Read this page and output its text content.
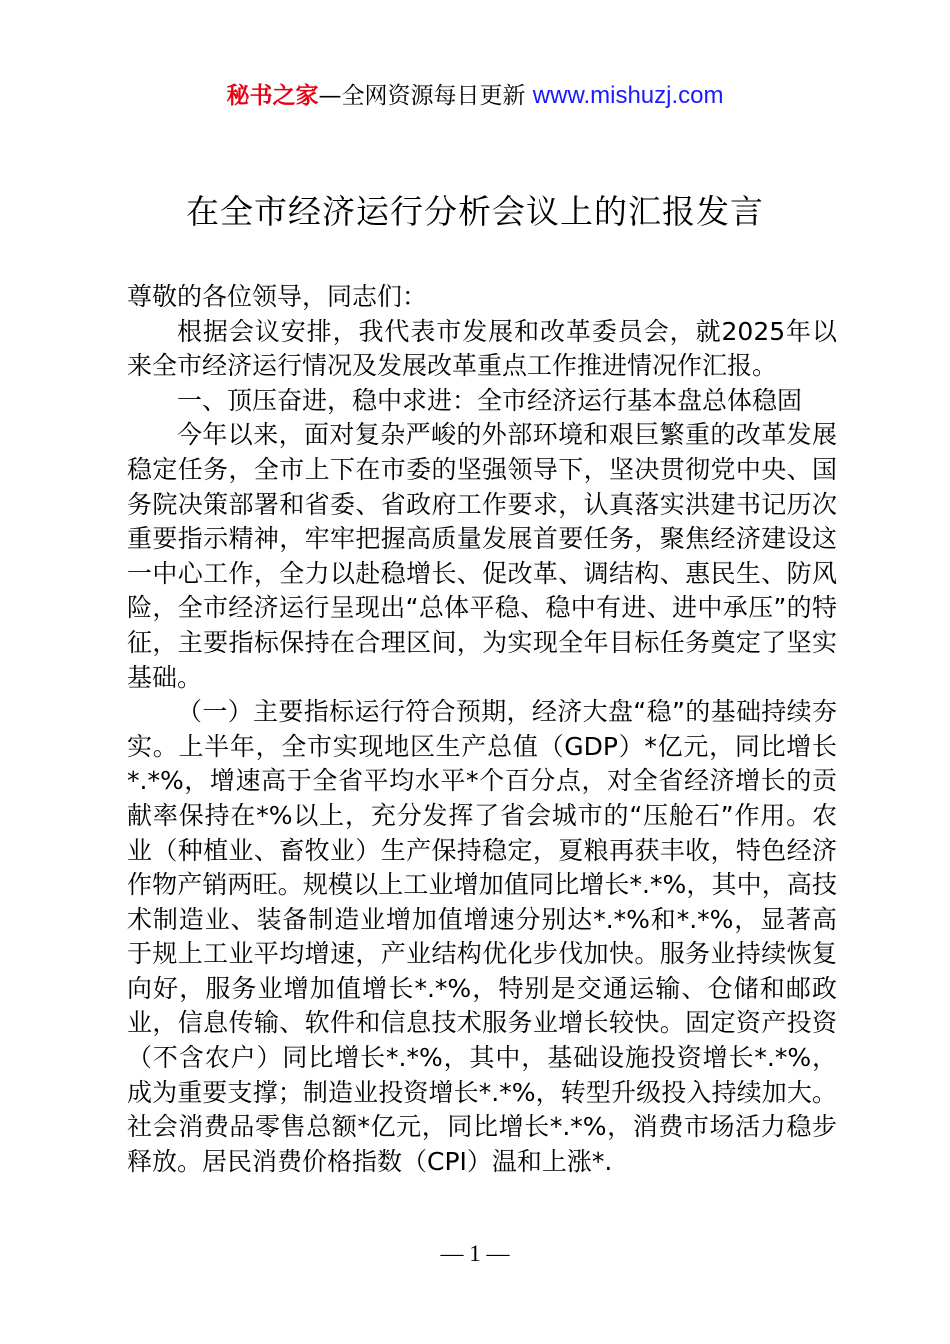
秘书之家—全网资源每日更新 www.mishuzj.com
在全市经济运行分析会议上的汇报发言

尊敬的各位领导，同志们：

根据会议安排，我代表市发展和改革委员会，就2025年以来全市经济运行情况及发展改革重点工作推进情况作汇报。

一、顶压奋进，稳中求进：全市经济运行基本盘总体稳固

今年以来，面对复杂严峻的外部环境和艰巨繁重的改革发展稳定任务，全市上下在市委的坚强领导下，坚决贯彻党中央、国务院决策部署和省委、省政府工作要求，认真落实洪建书记历次重要指示精神，牢牢把握高质量发展首要任务，聚焦经济建设这一中心工作，全力以赴稳增长、促改革、调结构、惠民生、防风险，全市经济运行呈现出“总体平稳、稳中有进、进中承压”的特征，主要指标保持在合理区间，为实现全年目标任务奠定了坚实基础。

（一）主要指标运行符合预期，经济大盘“稳”的基础持续夯实。上半年，全市实现地区生产总值（GDP）*亿元，同比增长*.*%，增速高于全省平均水平*个百分点，对全省经济增长的贡献率保持在*%以上，充分发挥了省会城市的“压舱石”作用。农业（种植业、畜牧业）生产保持稳定，夏粮再获丰收，特色经济作物产销两旺。规模以上工业增加值同比增长*.*%，其中，高技术制造业、装备制造业增加值增速分别达*.*%和*.*%，显著高于规上工业平均增速，产业结构优化步伐加快。服务业持续恢复向好，服务业增加值增长*.*%，特别是交通运输、仓储和邮政业，信息传输、软件和信息技术服务业增长较快。固定资产投资（不含农户）同比增长*.*%，其中，基础设施投资增长*.*%，成为重要支撑；制造业投资增长*.*%，转型升级投入持续加大。社会消费品零售总额*亿元，同比增长*.*%，消费市场活力稳步释放。居民消费价格指数（CPI）温和上涨*.

— 1 —
